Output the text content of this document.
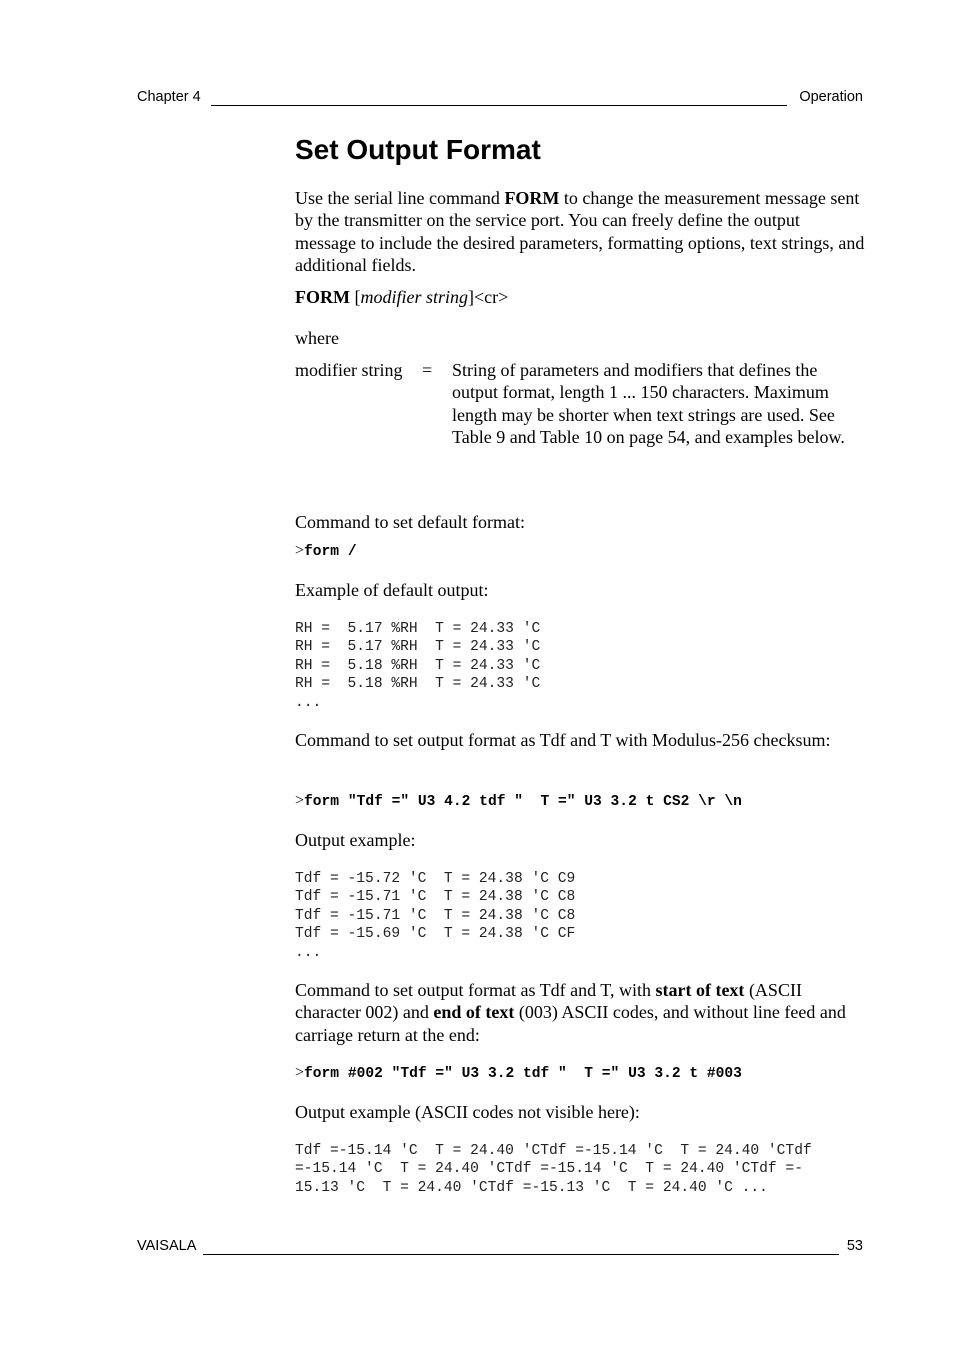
Chapter 4	Operation
Set Output Format

Use the serial line command FORM to change the measurement message sent by the transmitter on the service port. You can freely define the output message to include the desired parameters, formatting options, text strings, and additional fields.

FORM [modifier string]<cr>

where

modifier string = String of parameters and modifiers that defines the output format, length 1 ... 150 characters. Maximum length may be shorter when text strings are used. See Table 9 and Table 10 on page 54, and examples below.

Command to set default format:

>form /

Example of default output:

RH =  5.17 %RH  T = 24.33 'C
RH =  5.17 %RH  T = 24.33 'C
RH =  5.18 %RH  T = 24.33 'C
RH =  5.18 %RH  T = 24.33 'C
...

Command to set output format as Tdf and T with Modulus-256 checksum:

>form "Tdf =" U3 4.2 tdf "  T =" U3 3.2 t CS2 \r \n

Output example:

Tdf = -15.72 'C  T = 24.38 'C C9
Tdf = -15.71 'C  T = 24.38 'C C8
Tdf = -15.71 'C  T = 24.38 'C C8
Tdf = -15.69 'C  T = 24.38 'C CF
...

Command to set output format as Tdf and T, with start of text (ASCII character 002) and end of text (003) ASCII codes, and without line feed and carriage return at the end:

>form #002 "Tdf =" U3 3.2 tdf "  T =" U3 3.2 t #003

Output example (ASCII codes not visible here):

Tdf =-15.14 'C  T = 24.40 'CTdf =-15.14 'C  T = 24.40 'CTdf
=-15.14 'C  T = 24.40 'CTdf =-15.14 'C  T = 24.40 'CTdf =-
15.13 'C  T = 24.40 'CTdf =-15.13 'C  T = 24.40 'C ...
VAISALA	53
